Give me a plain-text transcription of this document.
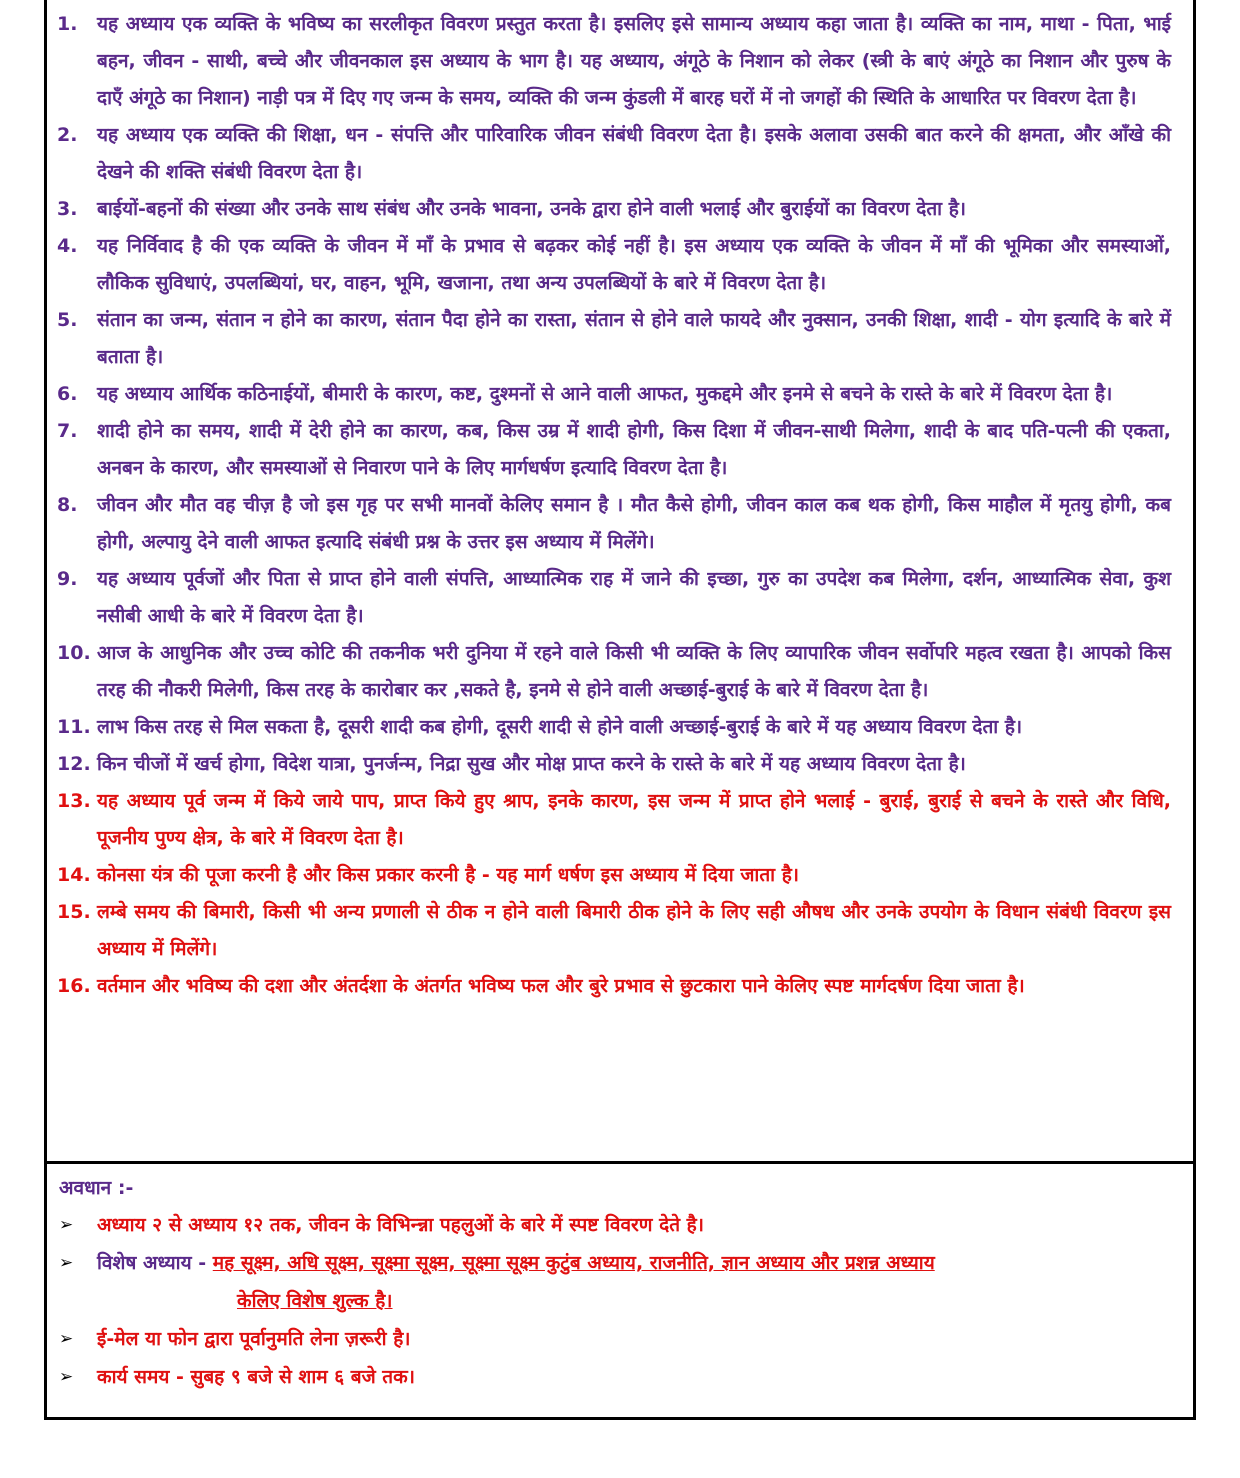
1.	यह अध्याय एक व्यक्ति के भविष्य का सरलीकृत विवरण प्रस्तुत करता है। इसलिए इसे सामान्य अध्याय कहा जाता है। व्यक्ति का नाम, माथा - पिता, भाई बहन, जीवन - साथी, बच्चे और जीवनकाल इस अध्याय के भाग है। यह अध्याय, अंगूठे के निशान को लेकर (स्त्री के बाएं अंगूठे का निशान और पुरुष के दाएँ अंगूठे का निशान) नाड़ी पत्र में दिए गए जन्म के समय, व्यक्ति की जन्म कुंडली में बारह घरों में नो जगहों की स्थिति के आधारित पर विवरण देता है।
2.	यह अध्याय एक व्यक्ति की शिक्षा, धन - संपत्ति और पारिवारिक जीवन संबंधी विवरण देता है। इसके अलावा उसकी बात करने की क्षमता, और आँखे की देखने की शक्ति संबंधी विवरण देता है।
3.	बाईयों-बहनों की संख्या और उनके साथ संबंध और उनके भावना, उनके द्वारा होने वाली भलाई और बुराईयों का विवरण देता है।
4.	यह निर्विवाद है की एक व्यक्ति के जीवन में माँ के प्रभाव से बढ़कर कोई नहीं है। इस अध्याय एक व्यक्ति के जीवन में माँ की भूमिका और समस्याओं, लौकिक सुविधाएं, उपलब्धियां, घर, वाहन, भूमि, खजाना, तथा अन्य उपलब्धियों के बारे में विवरण देता है।
5.	संतान का जन्म, संतान न होने का कारण, संतान पैदा होने का रास्ता, संतान से होने वाले फायदे और नुक्सान, उनकी शिक्षा, शादी - योग इत्यादि के बारे में बताता है।
6.	यह अध्याय आर्थिक कठिनाईयों, बीमारी के कारण, कष्ट, दुश्मनों से आने वाली आफत, मुकद्दमे और इनमे से बचने के रास्ते के बारे में विवरण देता है।
7.	शादी होने का समय, शादी में देरी होने का कारण, कब, किस उम्र में शादी होगी, किस दिशा में जीवन-साथी मिलेगा, शादी के बाद पति-पत्नी की एकता, अनबन के कारण, और समस्याओं से निवारण पाने के लिए मार्गधर्षण इत्यादि विवरण देता है।
8.	जीवन और मौत वह चीज़ है जो इस गृह पर सभी मानवों केलिए समान है । मौत कैसे होगी, जीवन काल कब थक होगी, किस माहौल में मृतयु होगी, कब होगी, अल्पायु देने वाली आफत इत्यादि संबंधी प्रश्न के उत्तर इस अध्याय में मिलेंगे।
9.	यह अध्याय पूर्वजों और पिता से प्राप्त होने वाली संपत्ति, आध्यात्मिक राह में जाने की इच्छा, गुरु का उपदेश कब मिलेगा, दर्शन, आध्यात्मिक सेवा, कुश नसीबी आधी के बारे में विवरण देता है।
10. आज के आधुनिक और उच्च कोटि की तकनीक भरी दुनिया में रहने वाले किसी भी व्यक्ति के लिए व्यापारिक जीवन सर्वोपरि महत्व रखता है। आपको किस तरह की नौकरी मिलेगी, किस तरह के कारोबार कर ,सकते है, इनमे से होने वाली अच्छाई-बुराई के बारे में विवरण देता है।
11. लाभ किस तरह से मिल सकता है, दूसरी शादी कब होगी, दूसरी शादी से होने वाली अच्छाई-बुराई के बारे में यह अध्याय विवरण देता है।
12. किन चीजों में खर्च होगा, विदेश यात्रा, पुनर्जन्म, निद्रा सुख और मोक्ष प्राप्त करने के रास्ते के बारे में यह अध्याय विवरण देता है।
13. यह अध्याय पूर्व जन्म में किये जाये पाप, प्राप्त किये हुए श्राप, इनके कारण, इस जन्म में प्राप्त होने भलाई - बुराई, बुराई से बचने के रास्ते और विधि, पूजनीय पुण्य क्षेत्र, के बारे में विवरण देता है।
14. कोनसा यंत्र की पूजा करनी है और किस प्रकार करनी है - यह मार्ग धर्षण इस अध्याय में दिया जाता है।
15. लम्बे समय की बिमारी, किसी भी अन्य प्रणाली से ठीक न होने वाली बिमारी ठीक होने के लिए सही औषध और उनके उपयोग के विधान संबंधी विवरण इस अध्याय में मिलेंगे।
16. वर्तमान और भविष्य की दशा और अंतर्दशा के अंतर्गत भविष्य फल और बुरे प्रभाव से छुटकारा पाने केलिए स्पष्ट मार्गदर्षण दिया जाता है।
अवधान :-
➢	अध्याय २ से अध्याय १२ तक, जीवन के विभिन्न्ना पहलुओं के बारे में स्पष्ट विवरण देते है।
➢	विशेष अध्याय - मह सूक्ष्म, अधि सूक्ष्म, सूक्ष्मा सूक्ष्म, सूक्ष्मा सूक्ष्म कुटुंब अध्याय, राजनीति, ज्ञान अध्याय और प्रशन्न अध्याय
केलिए विशेष शुल्क है।
➢	ई-मेल या फोन द्वारा पूर्वानुमति लेना ज़रूरी है।
➢	कार्य समय - सुबह ९ बजे से शाम ६ बजे तक।
